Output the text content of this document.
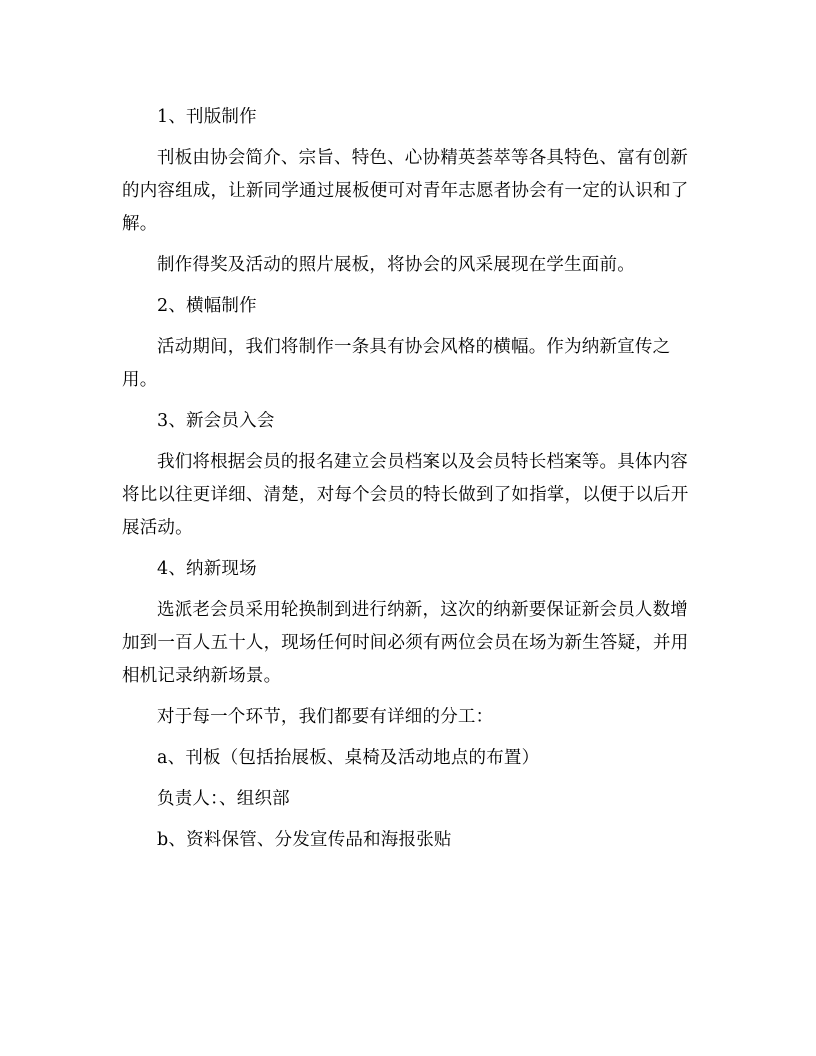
1、刊版制作

刊板由协会简介、宗旨、特色、心协精英荟萃等各具特色、富有创新的内容组成，让新同学通过展板便可对青年志愿者协会有一定的认识和了解。

制作得奖及活动的照片展板，将协会的风采展现在学生面前。

2、横幅制作

活动期间，我们将制作一条具有协会风格的横幅。作为纳新宣传之用。

3、新会员入会

我们将根据会员的报名建立会员档案以及会员特长档案等。具体内容将比以往更详细、清楚，对每个会员的特长做到了如指掌，以便于以后开展活动。

4、纳新现场

选派老会员采用轮换制到进行纳新，这次的纳新要保证新会员人数增加到一百人五十人，现场任何时间必须有两位会员在场为新生答疑，并用相机记录纳新场景。

对于每一个环节，我们都要有详细的分工：

a、刊板（包括抬展板、桌椅及活动地点的布置）

负责人：、组织部

b、资料保管、分发宣传品和海报张贴
